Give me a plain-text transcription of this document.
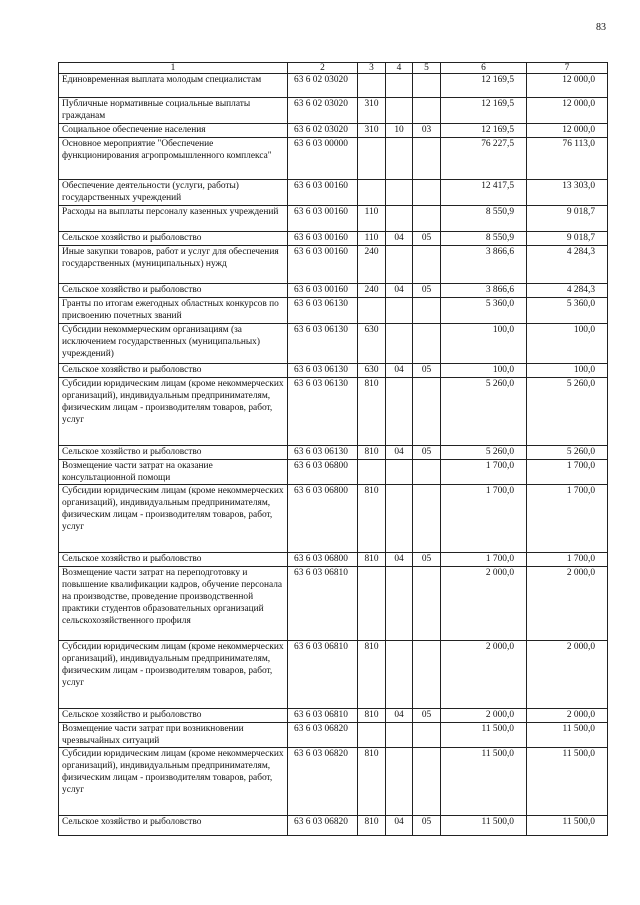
83
1	2	3	4	5	6	7
Единовременная выплата молодым специалистам	63 6 02 03020				12 169,5	12 000,0
Публичные нормативные социальные выплаты гражданам	63 6 02 03020	310			12 169,5	12 000,0
Социальное обеспечение населения	63 6 02 03020	310	10	03	12 169,5	12 000,0
Основное мероприятие "Обеспечение функционирования агропромышленного комплекса"	63 6 03 00000				76 227,5	76 113,0
Обеспечение деятельности (услуги, работы) государственных учреждений	63 6 03 00160				12 417,5	13 303,0
Расходы на выплаты персоналу казенных учреждений	63 6 03 00160	110			8 550,9	9 018,7
Сельское хозяйство и рыболовство	63 6 03 00160	110	04	05	8 550,9	9 018,7
Иные закупки товаров, работ и услуг для обеспечения государственных (муниципальных) нужд	63 6 03 00160	240			3 866,6	4 284,3
Сельское хозяйство и рыболовство	63 6 03 00160	240	04	05	3 866,6	4 284,3
Гранты по итогам ежегодных областных конкурсов по присвоению почетных званий	63 6 03 06130				5 360,0	5 360,0
Субсидии некоммерческим организациям (за исключением государственных (муниципальных) учреждений)	63 6 03 06130	630			100,0	100,0
Сельское хозяйство и рыболовство	63 6 03 06130	630	04	05	100,0	100,0
Субсидии юридическим лицам (кроме некоммерческих организаций), индивидуальным предпринимателям, физическим лицам - производителям товаров, работ, услуг	63 6 03 06130	810			5 260,0	5 260,0
Сельское хозяйство и рыболовство	63 6 03 06130	810	04	05	5 260,0	5 260,0
Возмещение части затрат на оказание консультационной помощи	63 6 03 06800				1 700,0	1 700,0
Субсидии юридическим лицам (кроме некоммерческих организаций), индивидуальным предпринимателям, физическим лицам - производителям товаров, работ, услуг	63 6 03 06800	810			1 700,0	1 700,0
Сельское хозяйство и рыболовство	63 6 03 06800	810	04	05	1 700,0	1 700,0
Возмещение части затрат на переподготовку и повышение квалификации кадров, обучение персонала на производстве, проведение производственной практики студентов образовательных организаций сельскохозяйственного профиля	63 6 03 06810				2 000,0	2 000,0
Субсидии юридическим лицам (кроме некоммерческих организаций), индивидуальным предпринимателям, физическим лицам - производителям товаров, работ, услуг	63 6 03 06810	810			2 000,0	2 000,0
Сельское хозяйство и рыболовство	63 6 03 06810	810	04	05	2 000,0	2 000,0
Возмещение части затрат при возникновении чрезвычайных ситуаций	63 6 03 06820				11 500,0	11 500,0
Субсидии юридическим лицам (кроме некоммерческих организаций), индивидуальным предпринимателям, физическим лицам - производителям товаров, работ, услуг	63 6 03 06820	810			11 500,0	11 500,0
Сельское хозяйство и рыболовство	63 6 03 06820	810	04	05	11 500,0	11 500,0
